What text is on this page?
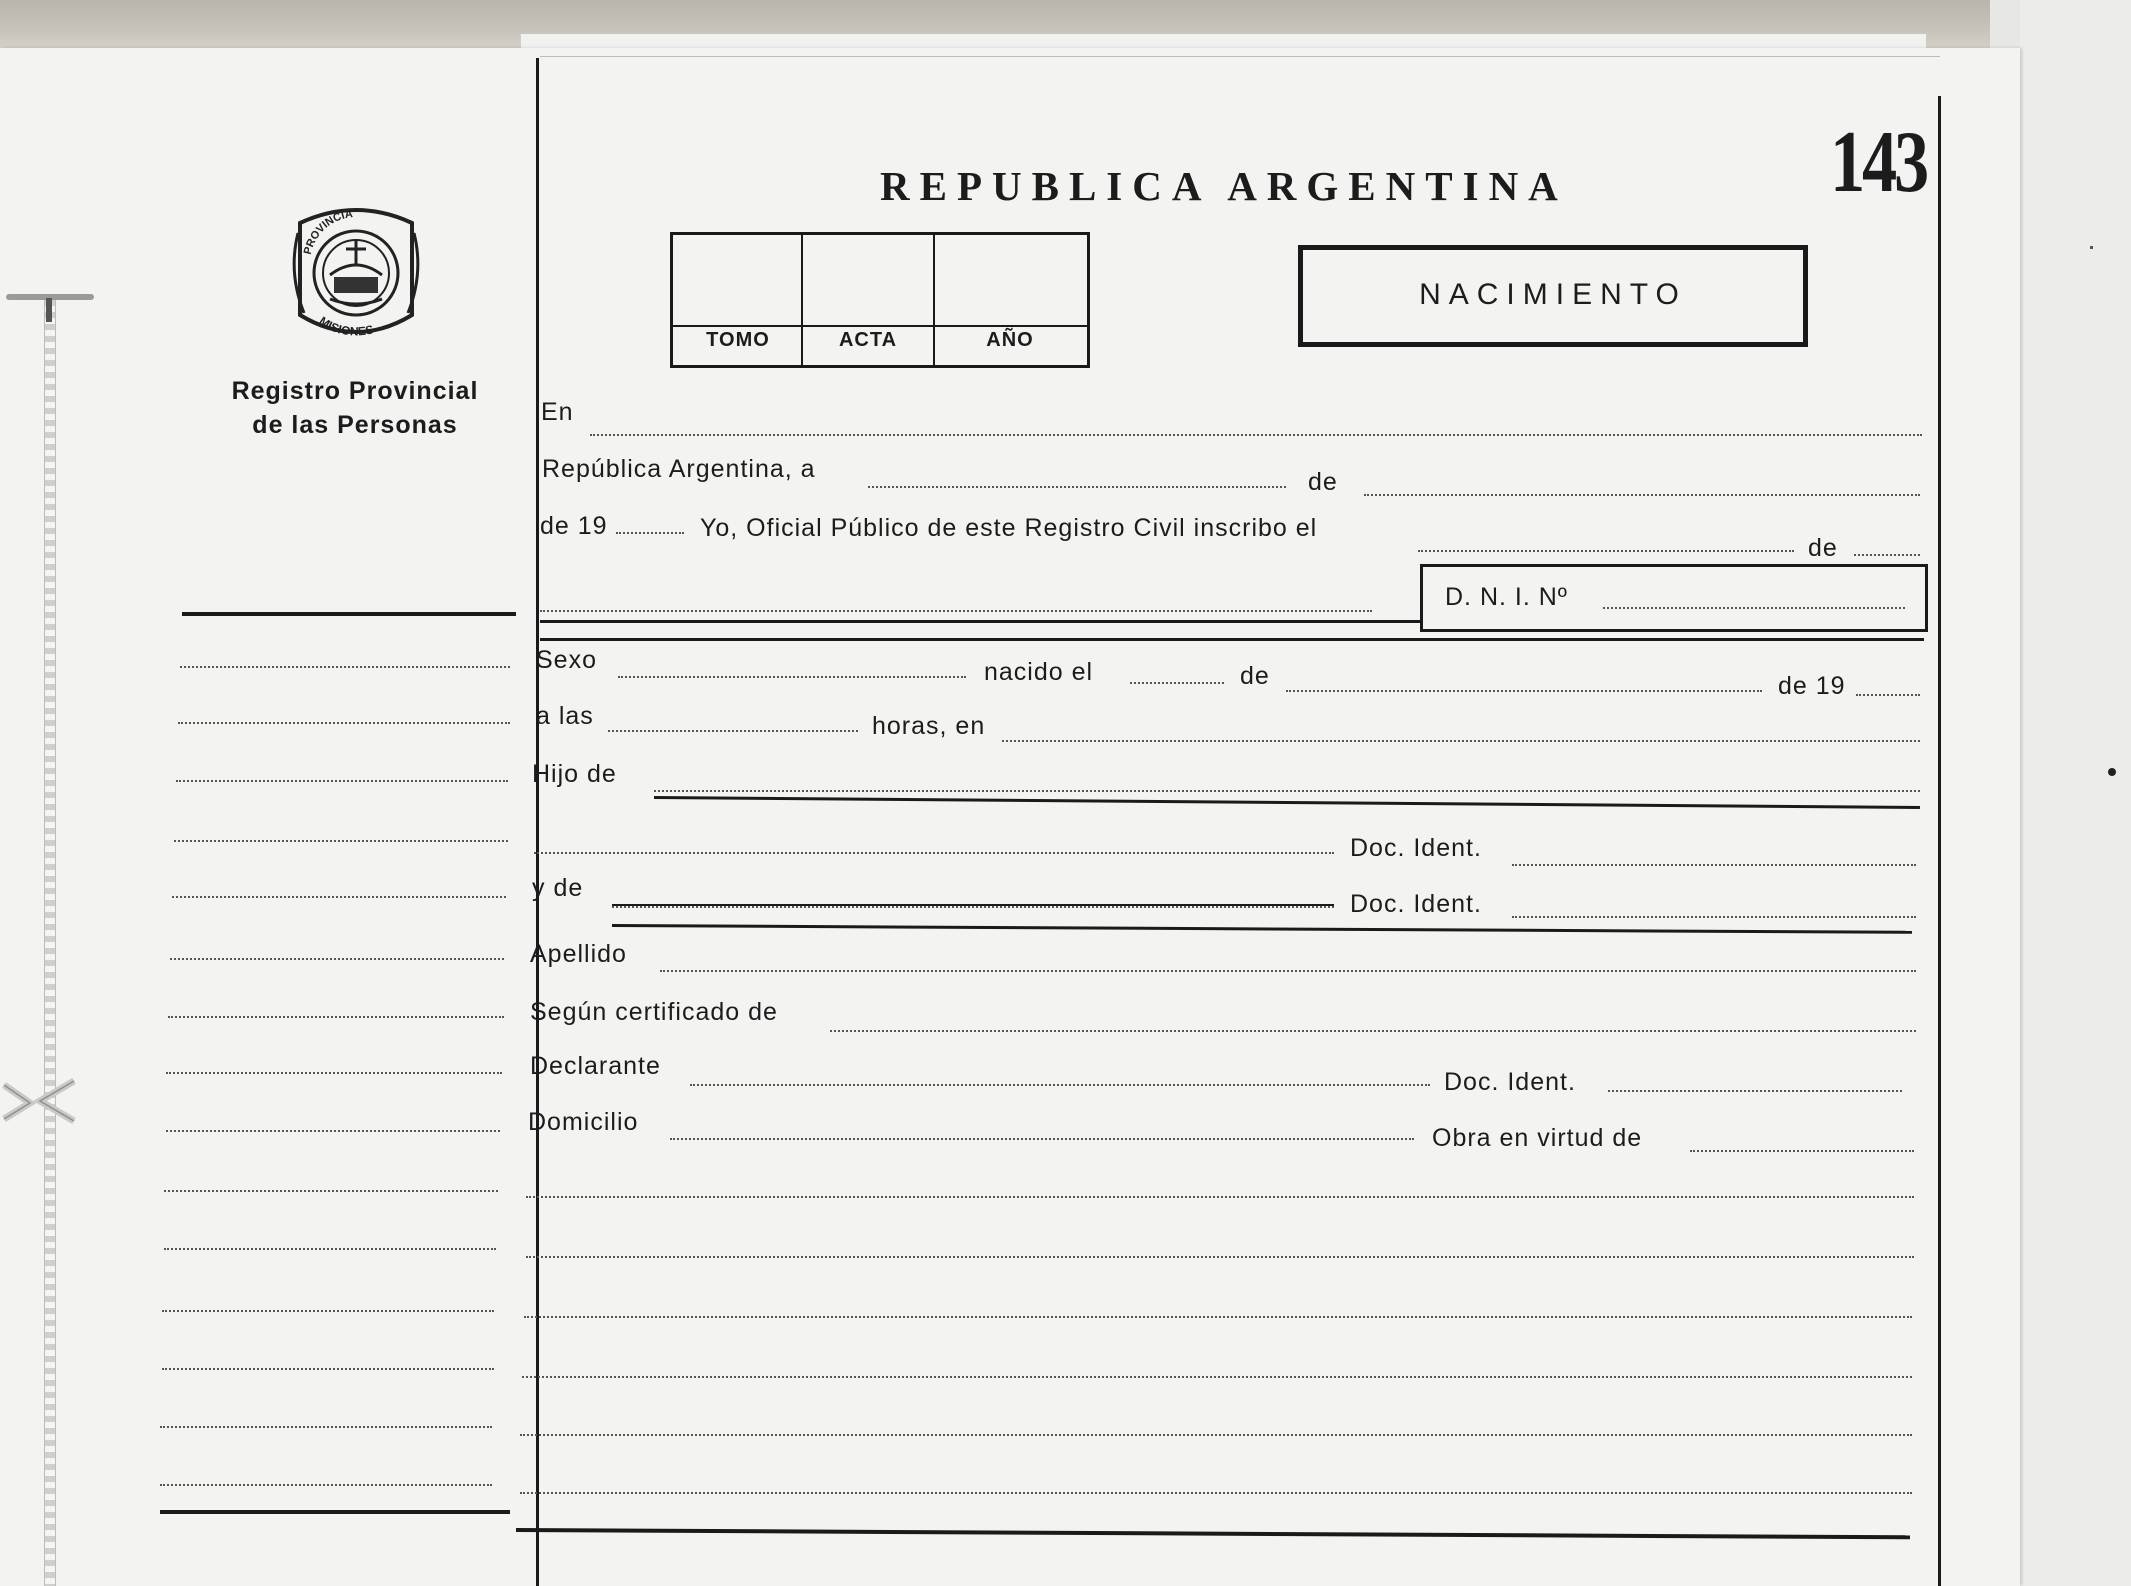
PROVINCIA
MISIONES
Registro Provincial
de las Personas
REPUBLICA ARGENTINA	143
TOMO	ACTA	AÑO
NACIMIENTO
En
República Argentina, a	de
de 19	Yo, Oficial Público de este Registro Civil inscribo el
de
D. N. I. Nº
Sexo	nacido el	de	de 19
a las	horas, en
Hijo de
Doc. Ident.
y de
Doc. Ident.
Apellido
Según certificado de
Declarante
Doc. Ident.
Domicilio
Obra en virtud de
